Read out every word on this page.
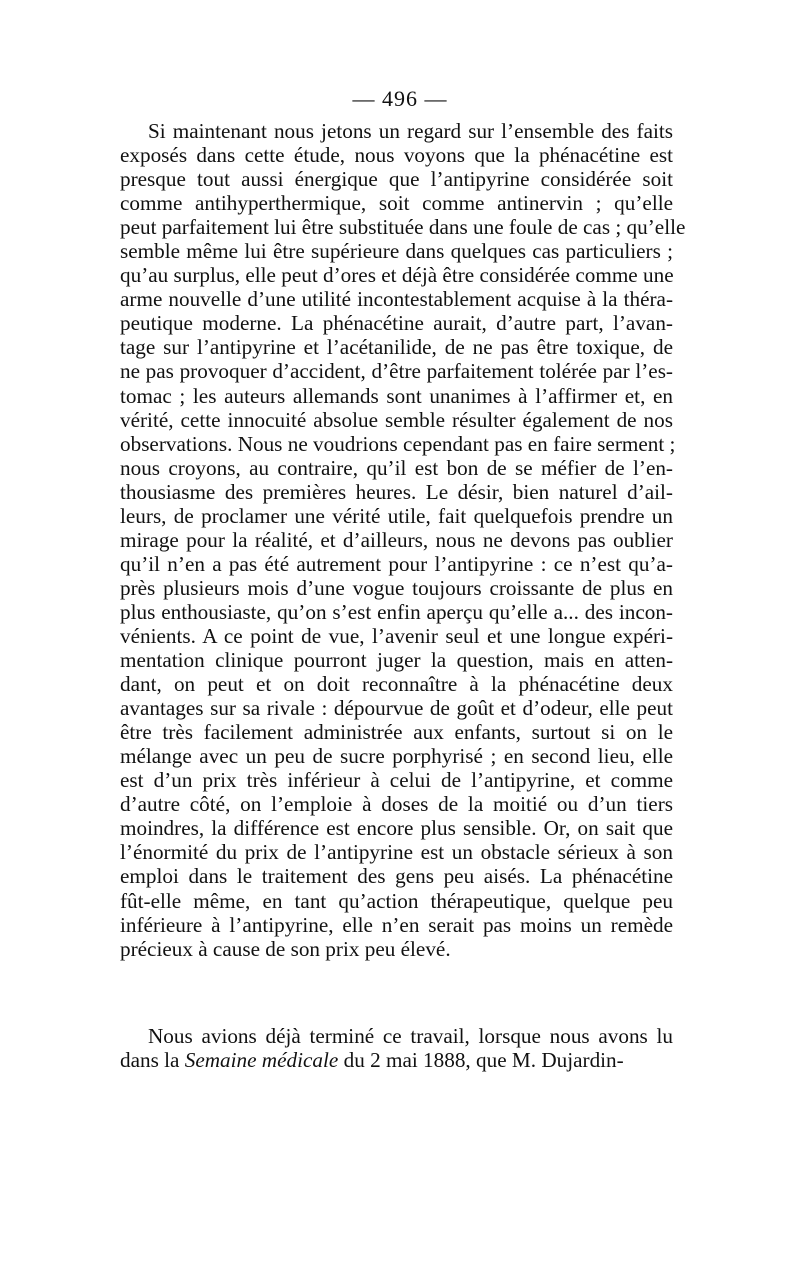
— 496 —
Si maintenant nous jetons un regard sur l’ensemble des faits
exposés dans cette étude, nous voyons que la phénacétine est
presque tout aussi énergique que l’antipyrine considérée soit
comme antihyperthermique, soit comme antinervin ; qu’elle
peut parfaitement lui être substituée dans une foule de cas ; qu’elle
semble même lui être supérieure dans quelques cas particuliers ;
qu’au surplus, elle peut d’ores et déjà être considérée comme une
arme nouvelle d’une utilité incontestablement acquise à la théra-
peutique moderne. La phénacétine aurait, d’autre part, l’avan-
tage sur l’antipyrine et l’acétanilide, de ne pas être toxique, de
ne pas provoquer d’accident, d’être parfaitement tolérée par l’es-
tomac ; les auteurs allemands sont unanimes à l’affirmer et, en
vérité, cette innocuité absolue semble résulter également de nos
observations. Nous ne voudrions cependant pas en faire serment ;
nous croyons, au contraire, qu’il est bon de se méfier de l’en-
thousiasme des premières heures. Le désir, bien naturel d’ail-
leurs, de proclamer une vérité utile, fait quelquefois prendre un
mirage pour la réalité, et d’ailleurs, nous ne devons pas oublier
qu’il n’en a pas été autrement pour l’antipyrine : ce n’est qu’a-
près plusieurs mois d’une vogue toujours croissante de plus en
plus enthousiaste, qu’on s’est enfin aperçu qu’elle a... des incon-
vénients. A ce point de vue, l’avenir seul et une longue expéri-
mentation clinique pourront juger la question, mais en atten-
dant, on peut et on doit reconnaître à la phénacétine deux
avantages sur sa rivale : dépourvue de goût et d’odeur, elle peut
être très facilement administrée aux enfants, surtout si on le
mélange avec un peu de sucre porphyrisé ; en second lieu, elle
est d’un prix très inférieur à celui de l’antipyrine, et comme
d’autre côté, on l’emploie à doses de la moitié ou d’un tiers
moindres, la différence est encore plus sensible. Or, on sait que
l’énormité du prix de l’antipyrine est un obstacle sérieux à son
emploi dans le traitement des gens peu aisés. La phénacétine
fût-elle même, en tant qu’action thérapeutique, quelque peu
inférieure à l’antipyrine, elle n’en serait pas moins un remède
précieux à cause de son prix peu élevé.
Nous avions déjà terminé ce travail, lorsque nous avons lu
dans la Semaine médicale du 2 mai 1888, que M. Dujardin-
